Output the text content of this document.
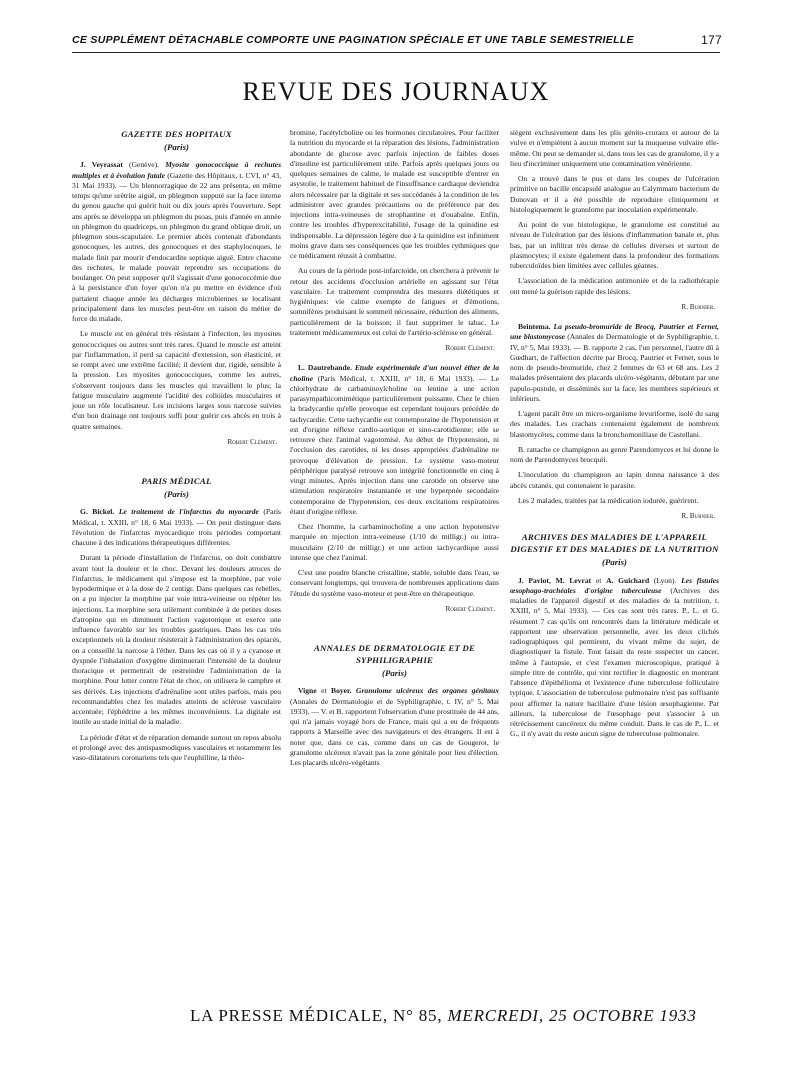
CE SUPPLÉMENT DÉTACHABLE COMPORTE UNE PAGINATION SPÉCIALE ET UNE TABLE SEMESTRIELLE	177
REVUE DES JOURNAUX
GAZETTE DES HOPITAUX
(Paris)

J. Veyrassat (Genève). Myosite gonococcique à rechutes multiples et à évolution fatale (Gazette des Hôpitaux, t. CVI, n° 43, 31 Mai 1933). — Un blennorragique de 22 ans présenta, en même temps qu'une urétrite aiguë, un phlegmon supputé sur la face interne du genou gauche qui guérit huit ou dix jours après l'ouverture. Sept ans après se développa un phlegmon du psoas, puis d'année en année un phlegmon du quadriceps, un phlegmon du grand oblique droit, un phlegmon sous-scapulaire. Le premier abcès contenait d'abondants gonocoques, les autres, des gonocoques et des staphylocoques, le malade finit par mourir d'endocardite septique aiguë. Entre chacune des rechutes, le malade pouvait reprendre ses occupations de boulanger. On peut supposer qu'il s'agissait d'une gonococcémie due à la persistance d'un foyer qu'on n'a pu mettre en évidence d'où partaient chaque année les décharges microbiennes se localisant principalement dans les muscles peut-être en raison du métier de force du malade.

Le muscle est en général très résistant à l'infection, les myosites gonococciques ou autres sont très rares. Quand le muscle est atteint par l'inflammation, il perd sa capacité d'extension, son élasticité, et se rompt avec une extrême facilité; il devient dur, rigide, sensible à la pression. Les myosites gonococciques, comme les autres, s'observent toujours dans les muscles qui travaillent le plus; la fatigue musculaire augmente l'acidité des colloïdes musculaires et joue un rôle localisateur. Les incisions larges sous narcose suivies d'un bon drainage ont toujours suffi pour guérir ces abcès en trois à quatre semaines.

Robert Clément.
PARIS MÉDICAL
(Paris)

G. Bickel. Le traitement de l'infarctus du myocarde (Paris Médical, t. XXIII, n° 18, 6 Mai 1933). — On peut distinguer dans l'évolution de l'infarctus myocardique trois périodes comportant chacune à des indications thérapeutiques différentes.

Durant la période d'installation de l'infarctus, on doit combattre avant tout la douleur et le choc. Devant les douleurs atroces de l'infarctus, le médicament qui s'impose est la morphine, par voie hypodermique et à la dose de 2 centigr. Dans quelques cas rebelles, on a pu injecter la morphine par voie intra-veineuse ou répéter les injections. La morphine sera utilement combinée à de petites doses d'atropine qui en diminuent l'action vagotonique et exerce une influence favorable sur les troubles gastriques. Dans les cas très exceptionnels où la douleur résisterait à l'administration des opiacés, on a conseillé la narcose à l'éther. Dans les cas où il y a cyanose et dyspnée l'inhalation d'oxygène diminuerait l'intensité de la douleur thoracique et permettrait de restreindre l'administration de la morphine. Pour lutter contre l'état de choc, on utilisera le camphre et ses dérivés. Les injections d'adrénaline sont utiles parfois, mais peu recommandables chez les malades atteints de sclérose vasculaire accentuée; l'éphédrine a les mêmes inconvénients. La digitale est inutile au stade initial de la maladie.

La période d'état et de réparation demande surtout un repos absolu et prolongé avec des antispasmodiques vasculaires et notamment les vaso-dilatateurs coronariens tels que l'euphilline, la théo-

bromine, l'acétylcholine ou les hormones circulatoires. Pour faciliter la nutrition du myocarde et la réparation des lésions, l'administration abondante de glucose avec parfois injection de faibles doses d'insuline est particulièrement utile. Parfois après quelques jours ou quelques semaines de calme, le malade est susceptible d'entrer en asystolie, le traitement habituel de l'insuffisance cardiaque deviendra alors nécessaire par la digitale et ses succédanés à la condition de les administrer avec grandes précautions ou de préférence par des injections intra-veineuses de strophantine et d'ouabaïne. Enfin, contre les troubles d'hyperexcitabilité, l'usage de la quinidine est indispensable. La dépression légère due à la quinidine est infiniment moins grave dans ses conséquences que les troubles rythmiques que ce médicament réussit à combattre.

Au cours de la période post-infarctoïde, on cherchera à prévenir le retour des accidents d'occlusion artérielle en agissant sur l'état vasculaire. Le traitement comprendra des mesures diététiques et hygiéniques: vie calme exempte de fatigues et d'émotions, somnifères produisant le sommeil nécessaire, réduction des aliments, particulièrement de la boisson; il faut supprimer le tabac. Le traitement médicamenteux est celui de l'artério-sclérose en général.

Robert Clément.

L. Dautrebande. Etude expérimentale d'un nouvel éther de la choline (Paris Médical, t. XXIII, n° 18, 6 Mai 1933). — Le chlorhydrate de carbaminoylcholine ou lentine a une action parasympathicomimétique particulièrement puissante. Chez le chien la bradycardie qu'elle provoque est cependant toujours précédée de tachycardie. Cette tachycardie est contemporaine de l'hypotension et est d'origine réflexe cardio-aortique et sino-carotidienne; elle se retrouve chez l'animal vagotomisé. Au début de l'hypotension, ni l'occlusion des carotides, ni les doses appropriées d'adrénaline ne provoque d'élévation de pression. Le système vaso-moteur périphérique paralysé retrouve son intégrité fonctionnelle en cinq à vingt minutes. Après injection dans une carotide on observe une stimulation respiratoire instantanée et une hyperpnée secondaire contemporaine de l'hypotension, ces deux excitations respiratoires étant d'origine réflexe.

Chez l'homme, la carbaminocholine a une action hypotensive marquée en injection intra-veineuse (1/10 de milligr.) ou intra-musculaire (2/10 de milligr.) et une action tachycardique aussi intense que chez l'animal.

C'est une poudre blanche cristalline, stable, soluble dans l'eau, se conservant longtemps, qui trouvera de nombreuses applications dans l'étude du système vaso-moteur et peut-être en thérapeutique.

Robert Clément.
ANNALES DE DERMATOLOGIE ET DE SYPHILIGRAPHIE
(Paris)

Vigne et Boyer. Granulome ulcéreux des organes génitaux (Annales de Dermatologie et de Syphiligraphie, t. IV, n° 5, Mai 1933). — V. et B. rapportent l'observation d'une prostituée de 44 ans, qui n'a jamais voyagé hors de France, mais qui a eu de fréquents rapports à Marseille avec des navigateurs et des étrangers. Il est à noter que, dans ce cas, comme dans un cas de Gougerot, le granulome ulcéreux n'avait pas la zone génitale pour lieu d'élection. Les placards ulcéro-végétants

siègent exclusivement dans les plis génito-cruraux et autour de la vulve et n'empiètent à aucun moment sur la muqueuse vulvaire elle-même. On peut se demander si, dans tous les cas de granulome, il y a lieu d'incriminer uniquement une contamination vénérienne.

On a trouvé dans le pus et dans les coupes de l'ulcération primitive un bacille encapsulé analogue au Calymmato bacterium de Donovan et il a été possible de reproduire cliniquement et histologiquement le granulome par inoculation expérimentale.

Au point de vue histologique, le granulome est constitué au niveau de l'ulcération par des lésions d'inflammation banale et, plus bas, par un infiltrat très dense de cellules diverses et surtout de plasmocytes; il existe également dans la profondeur des formations tuberculoïdes bien limitées avec cellules géantes.

L'association de la médication antimoniée et de la radiothérapie ont mené la guérison rapide des lésions.

R. Burnier.

Beintema. La pseudo-bromuride de Brocq, Pautrier et Fernet, une blastomycose (Annales de Dermatologie et de Syphiligraphie, t. IV, n° 5, Mai 1933). — B. rapporte 2 cas, l'un personnel, l'autre dû à Gœdhart, de l'affection décrite par Brocq, Pautrier et Fernet, sous le nom de pseudo-bromuride, chez 2 femmes de 63 et 68 ans. Les 2 malades présentaient des placards ulcéro-végétants, débutant par une papulo-pustule, et disséminés sur la face, les membres supérieurs et inférieurs.

L'agent paraît être un micro-organisme levuriforme, isolé du sang des malades. Les crachats contenaient également de nombreux blastomycètes, comme dans la bronchomoniliase de Castellani.

B. rattache ce champignon au genre Parendomyces et lui donne le nom de Parendomyces brocquii.

L'inoculation du champignon au lapin donna naissance à des abcès cutanés, qui contenaient le parasite.

Les 2 malades, traitées par la médication iodurée, guérirent.

R. Burnier.
ARCHIVES DES MALADIES DE L'APPAREIL DIGESTIF ET DES MALADIES DE LA NUTRITION
(Paris)

J. Paviot, M. Levrat et A. Guichard (Lyon). Les fistules œsophago-trachéales d'origine tuberculeuse (Archives des maladies de l'appareil digestif et des maladies de la nutrition, t. XXIII, n° 5, Mai 1933). — Ces cas sont très rares. P., L. et G. résument 7 cas qu'ils ont rencontrés dans la littérature médicale et rapportent une observation personnelle, avec les deux clichés radiographiques qui permirent, du vivant même du sujet, de diagnostiquer la fistule. Tout faisait du reste suspecter un cancer, même à l'autopsie, et c'est l'examen microscopique, pratiqué à simple titre de contrôle, qui vint rectifier le diagnostic en montrant l'absence d'épithélioma et l'existence d'une tuberculose folliculaire typique. L'association de tuberculose pulmonaire n'est pas suffisante pour affirmer la nature bacillaire d'une lésion œsophagienne. Par ailleurs, la tuberculose de l'œsophage peut s'associer à un rétrécissement cancéreux du même conduit. Dans le cas de P., L. et G., il n'y avait du reste aucun signe de tuberculose pulmonaire.

LA PRESSE MÉDICALE, N° 85, MERCREDI, 25 OCTOBRE 1933
